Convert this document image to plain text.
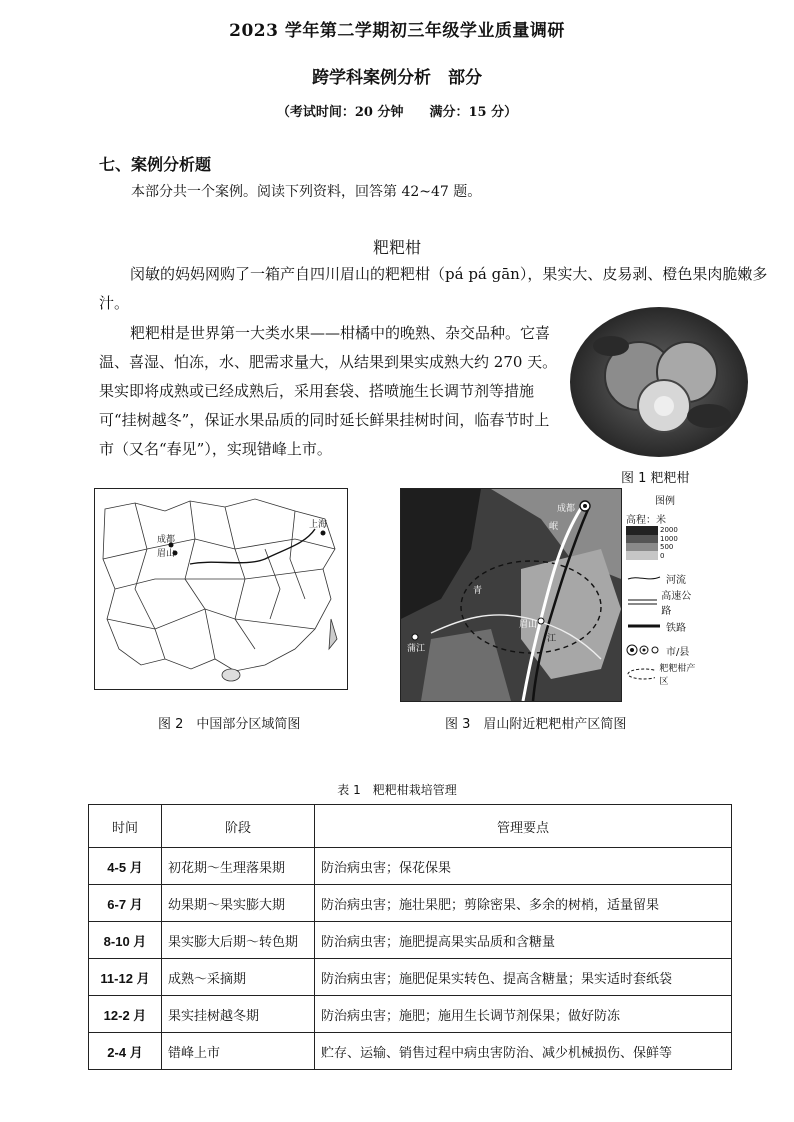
2023 学年第二学期初三年级学业质量调研
跨学科案例分析　部分
（考试时间：20 分钟　　满分：15 分）
七、案例分析题
本部分共一个案例。阅读下列资料，回答第 42~47 题。
粑粑柑
闵敏的妈妈网购了一箱产自四川眉山的粑粑柑（pá pá gān），果实大、皮易剥、橙色果肉脆嫩多汁。
粑粑柑是世界第一大类水果——柑橘中的晚熟、杂交品种。它喜温、喜湿、怕冻，水、肥需求量大，从结果到果实成熟大约 270 天。果实即将成熟或已经成熟后，采用套袋、搭喷施生长调节剂等措施可“挂树越冬”，保证水果品质的同时延长鲜果挂树时间，临春节时上市（又名“春见”），实现错峰上市。
图 1 粑粑柑
成都
眉山
上海
成都
岷
青
眉山
江
蒲江
图例
高程：米
2000
1000
500
0
河流
高速公路
铁路
市/县
粑粑柑产区
图 2　中国部分区域简图	图 3　眉山附近粑粑柑产区简图
表 1　粑粑柑栽培管理
时间	阶段	管理要点
4-5 月	初花期～生理落果期	防治病虫害；保花保果
6-7 月	幼果期～果实膨大期	防治病虫害；施壮果肥；剪除密果、多余的树梢，适量留果
8-10 月	果实膨大后期～转色期	防治病虫害；施肥提高果实品质和含糖量
11-12 月	成熟～采摘期	防治病虫害；施肥促果实转色、提高含糖量；果实适时套纸袋
12-2 月	果实挂树越冬期	防治病虫害；施肥；施用生长调节剂保果；做好防冻
2-4 月	错峰上市	贮存、运输、销售过程中病虫害防治、减少机械损伤、保鲜等
